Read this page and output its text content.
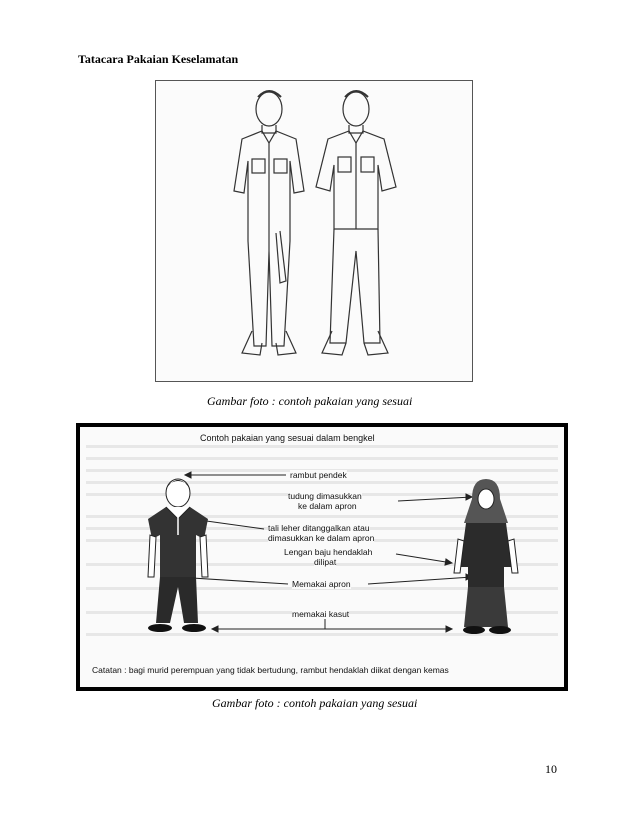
Tatacara Pakaian Keselamatan
Gambar foto : contoh pakaian yang sesuai
Contoh pakaian yang sesuai dalam bengkel
rambut pendek
tudung dimasukkan
ke dalam apron
tali leher ditanggalkan atau
dimasukkan ke dalam apron
Lengan baju hendaklah
dilipat
Memakai apron
memakai kasut
Catatan : bagi murid perempuan yang tidak bertudung, rambut hendaklah diikat dengan kemas
Gambar foto : contoh pakaian yang sesuai
10
